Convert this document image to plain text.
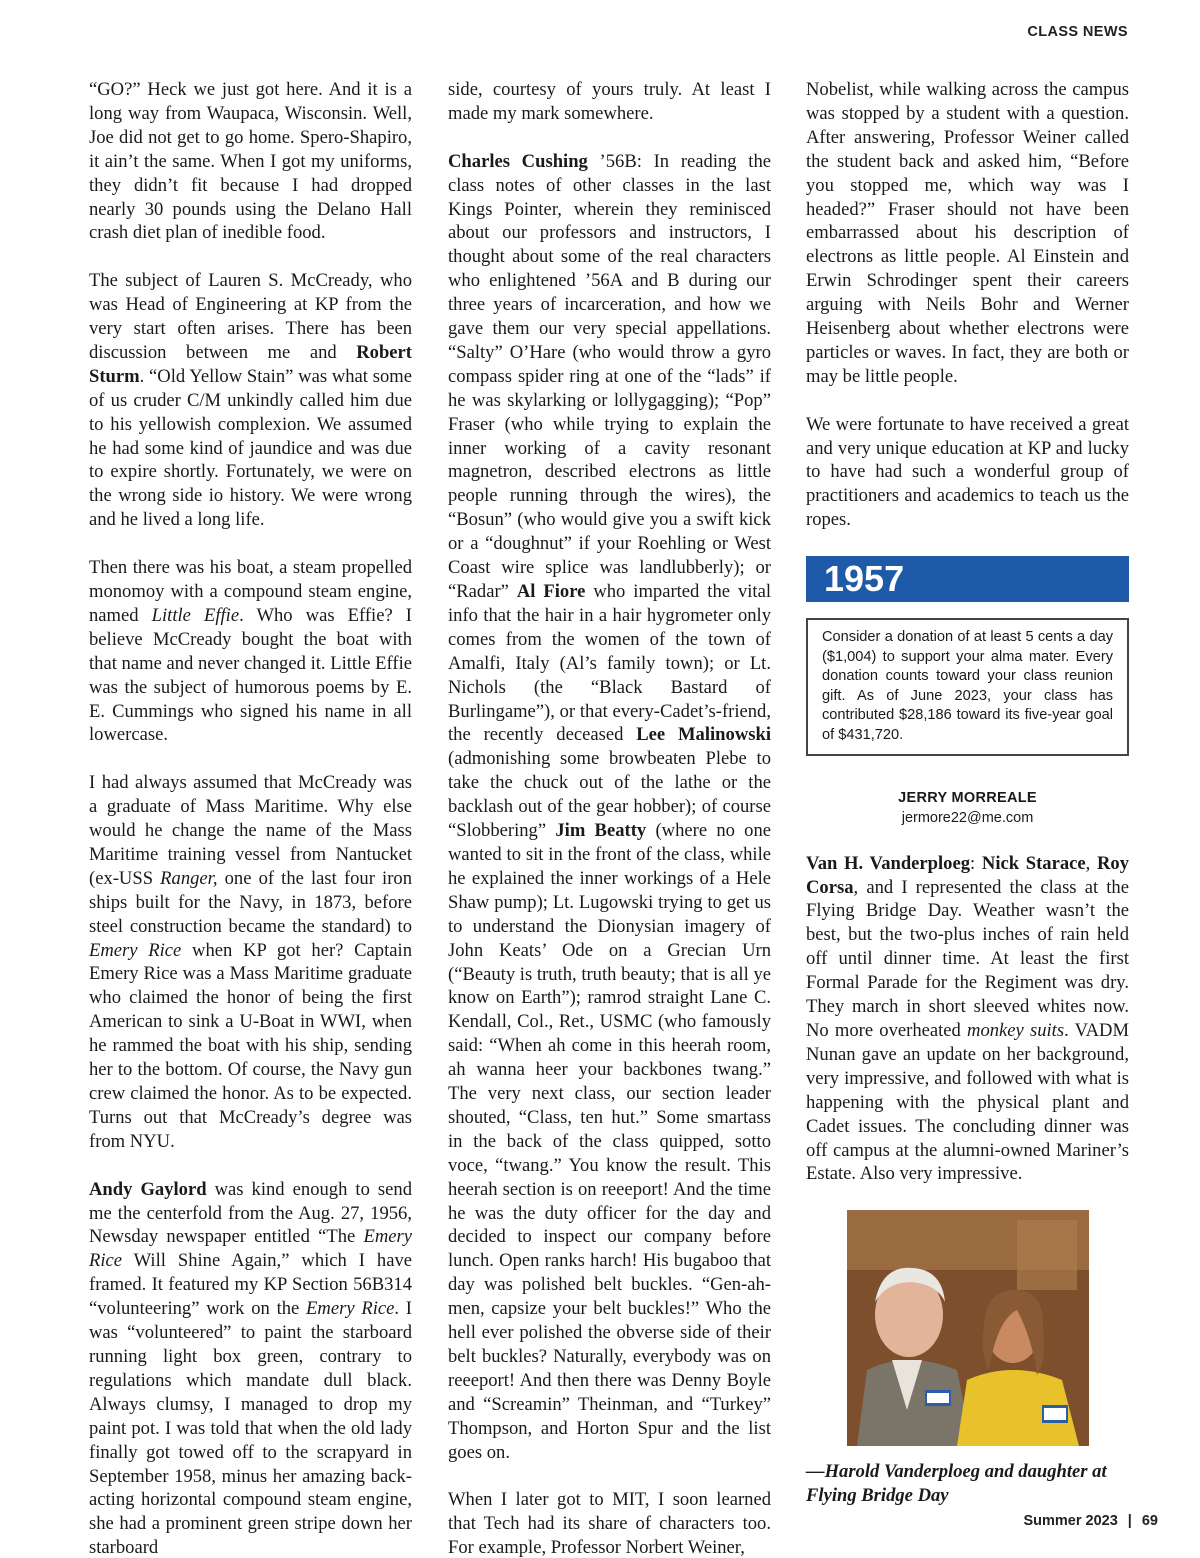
CLASS NEWS

“GO?” Heck we just got here. And it is a long way from Waupaca, Wisconsin. Well, Joe did not get to go home. Spero-Shapiro, it ain’t the same. When I got my uniforms, they didn’t fit because I had dropped nearly 30 pounds using the Delano Hall crash diet plan of inedible food.

The subject of Lauren S. McCready, who was Head of Engineering at KP from the very start often arises. There has been discussion between me and Robert Sturm. “Old Yellow Stain” was what some of us cruder C/M unkindly called him due to his yellowish complexion. We assumed he had some kind of jaundice and was due to expire shortly. Fortunately, we were on the wrong side io history. We were wrong and he lived a long life.

Then there was his boat, a steam propelled monomoy with a compound steam engine, named Little Effie. Who was Effie? I believe McCready bought the boat with that name and never changed it. Little Effie was the subject of humorous poems by E. E. Cummings who signed his name in all lowercase.

I had always assumed that McCready was a graduate of Mass Maritime. Why else would he change the name of the Mass Maritime training vessel from Nantucket (ex-USS Ranger, one of the last four iron ships built for the Navy, in 1873, before steel construction became the standard) to Emery Rice when KP got her? Captain Emery Rice was a Mass Maritime graduate who claimed the honor of being the first American to sink a U-Boat in WWI, when he rammed the boat with his ship, sending her to the bottom. Of course, the Navy gun crew claimed the honor. As to be expected. Turns out that McCready’s degree was from NYU.

Andy Gaylord was kind enough to send me the centerfold from the Aug. 27, 1956, Newsday newspaper entitled “The Emery Rice Will Shine Again,” which I have framed. It featured my KP Section 56B314 “volunteering” work on the Emery Rice. I was “volunteered” to paint the starboard running light box green, contrary to regulations which mandate dull black. Always clumsy, I managed to drop my paint pot. I was told that when the old lady finally got towed off to the scrapyard in September 1958, minus her amazing back-acting horizontal compound steam engine, she had a prominent green stripe down her starboard

side, courtesy of yours truly. At least I made my mark somewhere.

Charles Cushing ’56B: In reading the class notes of other classes in the last Kings Pointer, wherein they reminisced about our professors and instructors, I thought about some of the real characters who enlightened ’56A and B during our three years of incarceration, and how we gave them our very special appellations. “Salty” O’Hare (who would throw a gyro compass spider ring at one of the “lads” if he was skylarking or lollygagging); “Pop” Fraser (who while trying to explain the inner working of a cavity resonant magnetron, described electrons as little people running through the wires), the “Bosun” (who would give you a swift kick or a “doughnut” if your Roehling or West Coast wire splice was landlubberly); or “Radar” Al Fiore who imparted the vital info that the hair in a hair hygrometer only comes from the women of the town of Amalfi, Italy (Al’s family town); or Lt. Nichols (the “Black Bastard of Burlingame”), or that every-Cadet’s-friend, the recently deceased Lee Malinowski (admonishing some browbeaten Plebe to take the chuck out of the lathe or the backlash out of the gear hobber); of course “Slobbering” Jim Beatty (where no one wanted to sit in the front of the class, while he explained the inner workings of a Hele Shaw pump); Lt. Lugowski trying to get us to understand the Dionysian imagery of John Keats’ Ode on a Grecian Urn (“Beauty is truth, truth beauty; that is all ye know on Earth”); ramrod straight Lane C. Kendall, Col., Ret., USMC (who famously said: “When ah come in this heerah room, ah wanna heer your backbones twang.” The very next class, our section leader shouted, “Class, ten hut.” Some smartass in the back of the class quipped, sotto voce, “twang.” You know the result. This heerah section is on reeeport! And the time he was the duty officer for the day and decided to inspect our company before lunch. Open ranks harch! His bugaboo that day was polished belt buckles. “Gen-ah-men, capsize your belt buckles!” Who the hell ever polished the obverse side of their belt buckles? Naturally, everybody was on reeeport! And then there was Denny Boyle and “Screamin” Theinman, and “Turkey” Thompson, and Horton Spur and the list goes on.

When I later got to MIT, I soon learned that Tech had its share of characters too. For example, Professor Norbert Weiner,

Nobelist, while walking across the campus was stopped by a student with a question. After answering, Professor Weiner called the student back and asked him, “Before you stopped me, which way was I headed?” Fraser should not have been embarrassed about his description of electrons as little people. Al Einstein and Erwin Schrodinger spent their careers arguing with Neils Bohr and Werner Heisenberg about whether electrons were particles or waves. In fact, they are both or may be little people.

We were fortunate to have received a great and very unique education at KP and lucky to have had such a wonderful group of practitioners and academics to teach us the ropes.

1957
Consider a donation of at least 5 cents a day ($1,004) to support your alma mater. Every donation counts toward your class reunion gift. As of June 2023, your class has contributed $28,186 toward its five-year goal of $431,720.
JERRY MORREALE
jermore22@me.com

Van H. Vanderploeg: Nick Starace, Roy Corsa, and I represented the class at the Flying Bridge Day. Weather wasn’t the best, but the two-plus inches of rain held off until dinner time. At least the first Formal Parade for the Regiment was dry. They march in short sleeved whites now. No more overheated monkey suits. VADM Nunan gave an update on her background, very impressive, and followed with what is happening with the physical plant and Cadet issues. The concluding dinner was off campus at the alumni-owned Mariner’s Estate. Also very impressive.

—Harold Vanderploeg and daughter at Flying Bridge Day
Summer 2023 | 69
